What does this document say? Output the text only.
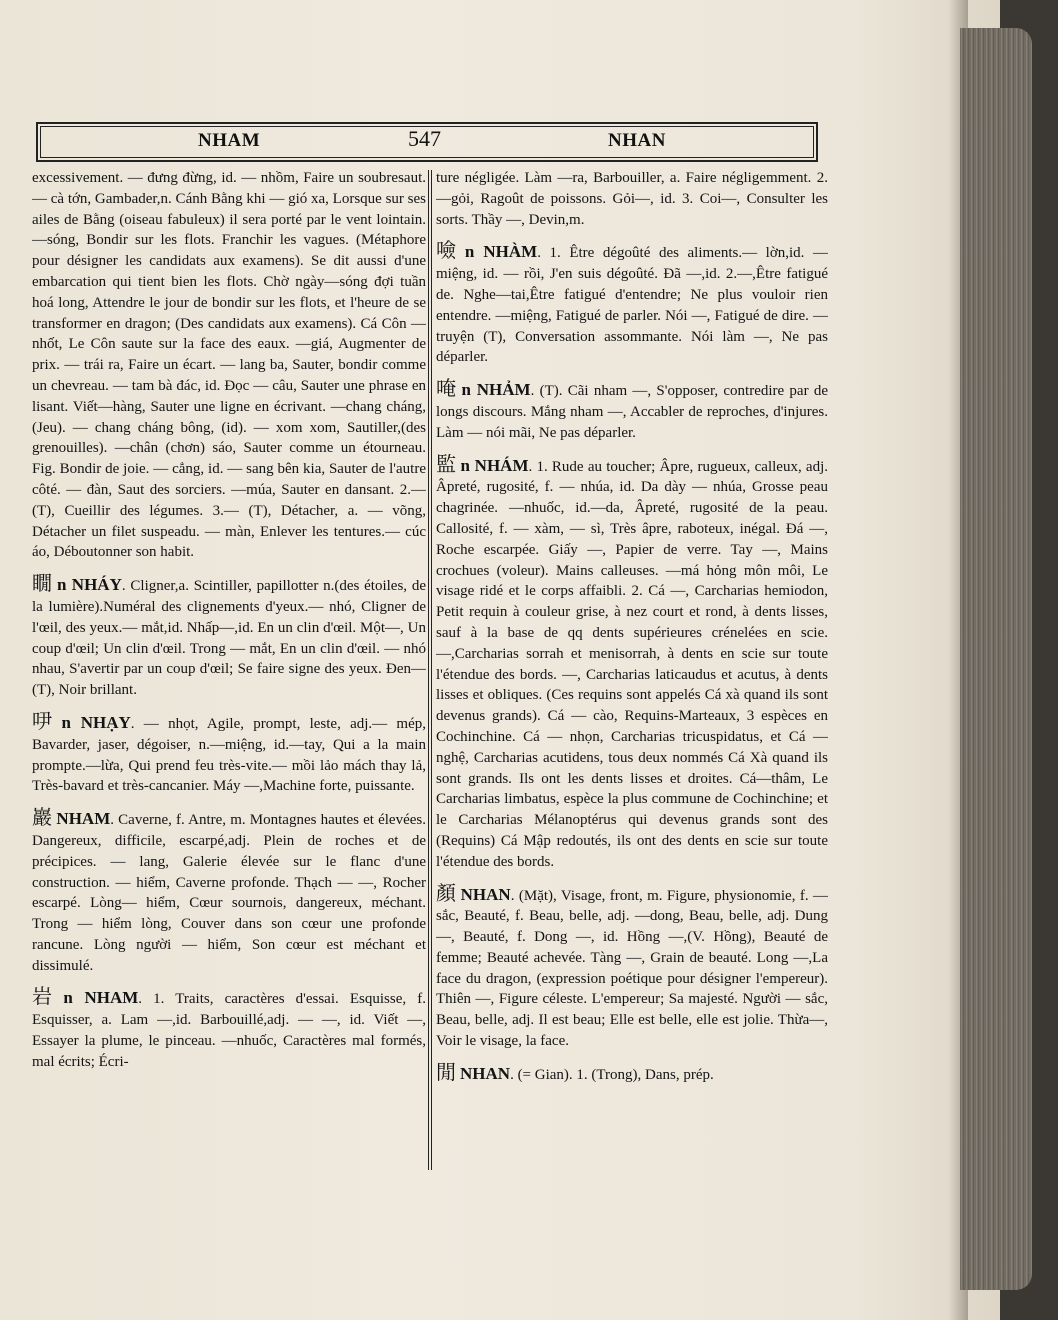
NHAM	547	NHAN

excessivement. — đưng đừng, id. — nhồm, Faire un soubresaut.— cà tớn, Gambader,n. Cánh Bằng khi — gió xa, Lorsque sur ses ailes de Bằng (oiseau fabuleux) il sera porté par le vent lointain. —sóng, Bondir sur les flots. Franchir les vagues. (Métaphore pour désigner les candidats aux examens). Se dit aussi d'une embarcation qui tient bien les flots. Chờ ngày—sóng đợi tuần hoá long, Attendre le jour de bondir sur les flots, et l'heure de se transformer en dragon; (Des candidats aux examens). Cá Côn — nhốt, Le Côn saute sur la face des eaux. —giá, Augmenter de prix. — trái ra, Faire un écart. — lang ba, Sauter, bondir comme un chevreau. — tam bà đác, id. Đọc — câu, Sauter une phrase en lisant. Viết—hàng, Sauter une ligne en écrivant. —chang cháng, (Jeu). — chang cháng bông, (id). — xom xom, Sautiller,(des grenouilles). —chân (chơn) sáo, Sauter comme un étourneau. Fig. Bondir de joie. — cẳng, id. — sang bên kia, Sauter de l'autre côté. — đàn, Saut des sorciers. —múa, Sauter en dansant. 2.— (T), Cueillir des légumes. 3.— (T), Détacher, a. — võng, Détacher un filet suspeadu. — màn, Enlever les tentures.— cúc áo, Déboutonner son habit.

瞯 n NHÁY. Cligner,a. Scintiller, papillotter n.(des étoiles, de la lumière).Numéral des clignements d'yeux.— nhó, Cligner de l'œil, des yeux.— mắt,id. Nhấp—,id. En un clin d'œil. Một—, Un coup d'œil; Un clin d'œil. Trong — mắt, En un clin d'œil. — nhó nhau, S'avertir par un coup d'œil; Se faire signe des yeux. Đen— (T), Noir brillant.

吚 n NHẠY. — nhọt, Agile, prompt, leste, adj.— mép, Bavarder, jaser, dégoiser, n.—miệng, id.—tay, Qui a la main prompte.—lừa, Qui prend feu très-vite.— mồi lảo mách thay lả, Très-bavard et très-cancanier. Máy —,Machine forte, puissante.

巖 NHAM. Caverne, f. Antre, m. Montagnes hautes et élevées. Dangereux, difficile, escarpé,adj. Plein de roches et de précipices. — lang, Galerie élevée sur le flanc d'une construction. — hiểm, Caverne profonde. Thạch — —, Rocher escarpé. Lòng— hiểm, Cœur sournois, dangereux, méchant. Trong — hiểm lòng, Couver dans son cœur une profonde rancune. Lòng người — hiểm, Son cœur est méchant et dissimulé.

岩 n NHAM. 1. Traits, caractères d'essai. Esquisse, f. Esquisser, a. Lam —,id. Barbouillé,adj. — —, id. Viết —, Essayer la plume, le pinceau. —nhuốc, Caractères mal formés, mal écrits; Écri-

ture négligée. Làm —ra, Barbouiller, a. Faire négligemment. 2. —gỏi, Ragoût de poissons. Gỏi—, id. 3. Coi—, Consulter les sorts. Thầy —, Devin,m.

噞 n NHÀM. 1. Être dégoûté des aliments.— lờn,id. — miệng, id. — rồi, J'en suis dégoûté. Đã —,id. 2.—,Être fatigué de. Nghe—tai,Être fatigué d'entendre; Ne plus vouloir rien entendre. —miệng, Fatigué de parler. Nói —, Fatigué de dire. — truyện (T), Conversation assommante. Nói làm —, Ne pas déparler.

唵 n NHẢM. (T). Cãi nham —, S'opposer, contredire par de longs discours. Mắng nham —, Accabler de reproches, d'injures. Làm — nói mãi, Ne pas déparler.

監 n NHÁM. 1. Rude au toucher; Âpre, rugueux, calleux, adj. Âpreté, rugosité, f. — nhúa, id. Da dày — nhúa, Grosse peau chagrinée. —nhuốc, id.—da, Âpreté, rugosité de la peau. Callosité, f. — xàm, — sì, Très âpre, raboteux, inégal. Đá —, Roche escarpée. Giấy —, Papier de verre. Tay —, Mains crochues (voleur). Mains calleuses. —má hỏng môn môi, Le visage ridé et le corps affaibli. 2. Cá —, Carcharias hemiodon, Petit requin à couleur grise, à nez court et rond, à dents lisses, sauf à la base de qq dents supérieures crénelées en scie. —,Carcharias sorrah et menisorrah, à dents en scie sur toute l'étendue des bords. —, Carcharias laticaudus et acutus, à dents lisses et obliques. (Ces requins sont appelés Cá xà quand ils sont devenus grands). Cá — cào, Requins-Marteaux, 3 espèces en Cochinchine. Cá — nhọn, Carcharias tricuspidatus, et Cá — nghệ, Carcharias acutidens, tous deux nommés Cá Xà quand ils sont grands. Ils ont les dents lisses et droites. Cá—thâm, Le Carcharias limbatus, espèce la plus commune de Cochinchine; et le Carcharias Mélanoptérus qui devenus grands sont des (Requins) Cá Mập redoutés, ils ont des dents en scie sur toute l'étendue des bords.

顏 NHAN. (Mặt), Visage, front, m. Figure, physionomie, f. — sắc, Beauté, f. Beau, belle, adj. —dong, Beau, belle, adj. Dung—, Beauté, f. Dong —, id. Hồng —,(V. Hồng), Beauté de femme; Beauté achevée. Tàng —, Grain de beauté. Long —,La face du dragon, (expression poétique pour désigner l'empereur). Thiên —, Figure céleste. L'empereur; Sa majesté. Người — sắc, Beau, belle, adj. Il est beau; Elle est belle, elle est jolie. Thừa—, Voir le visage, la face.

閒 NHAN. (= Gian). 1. (Trong), Dans, prép.
